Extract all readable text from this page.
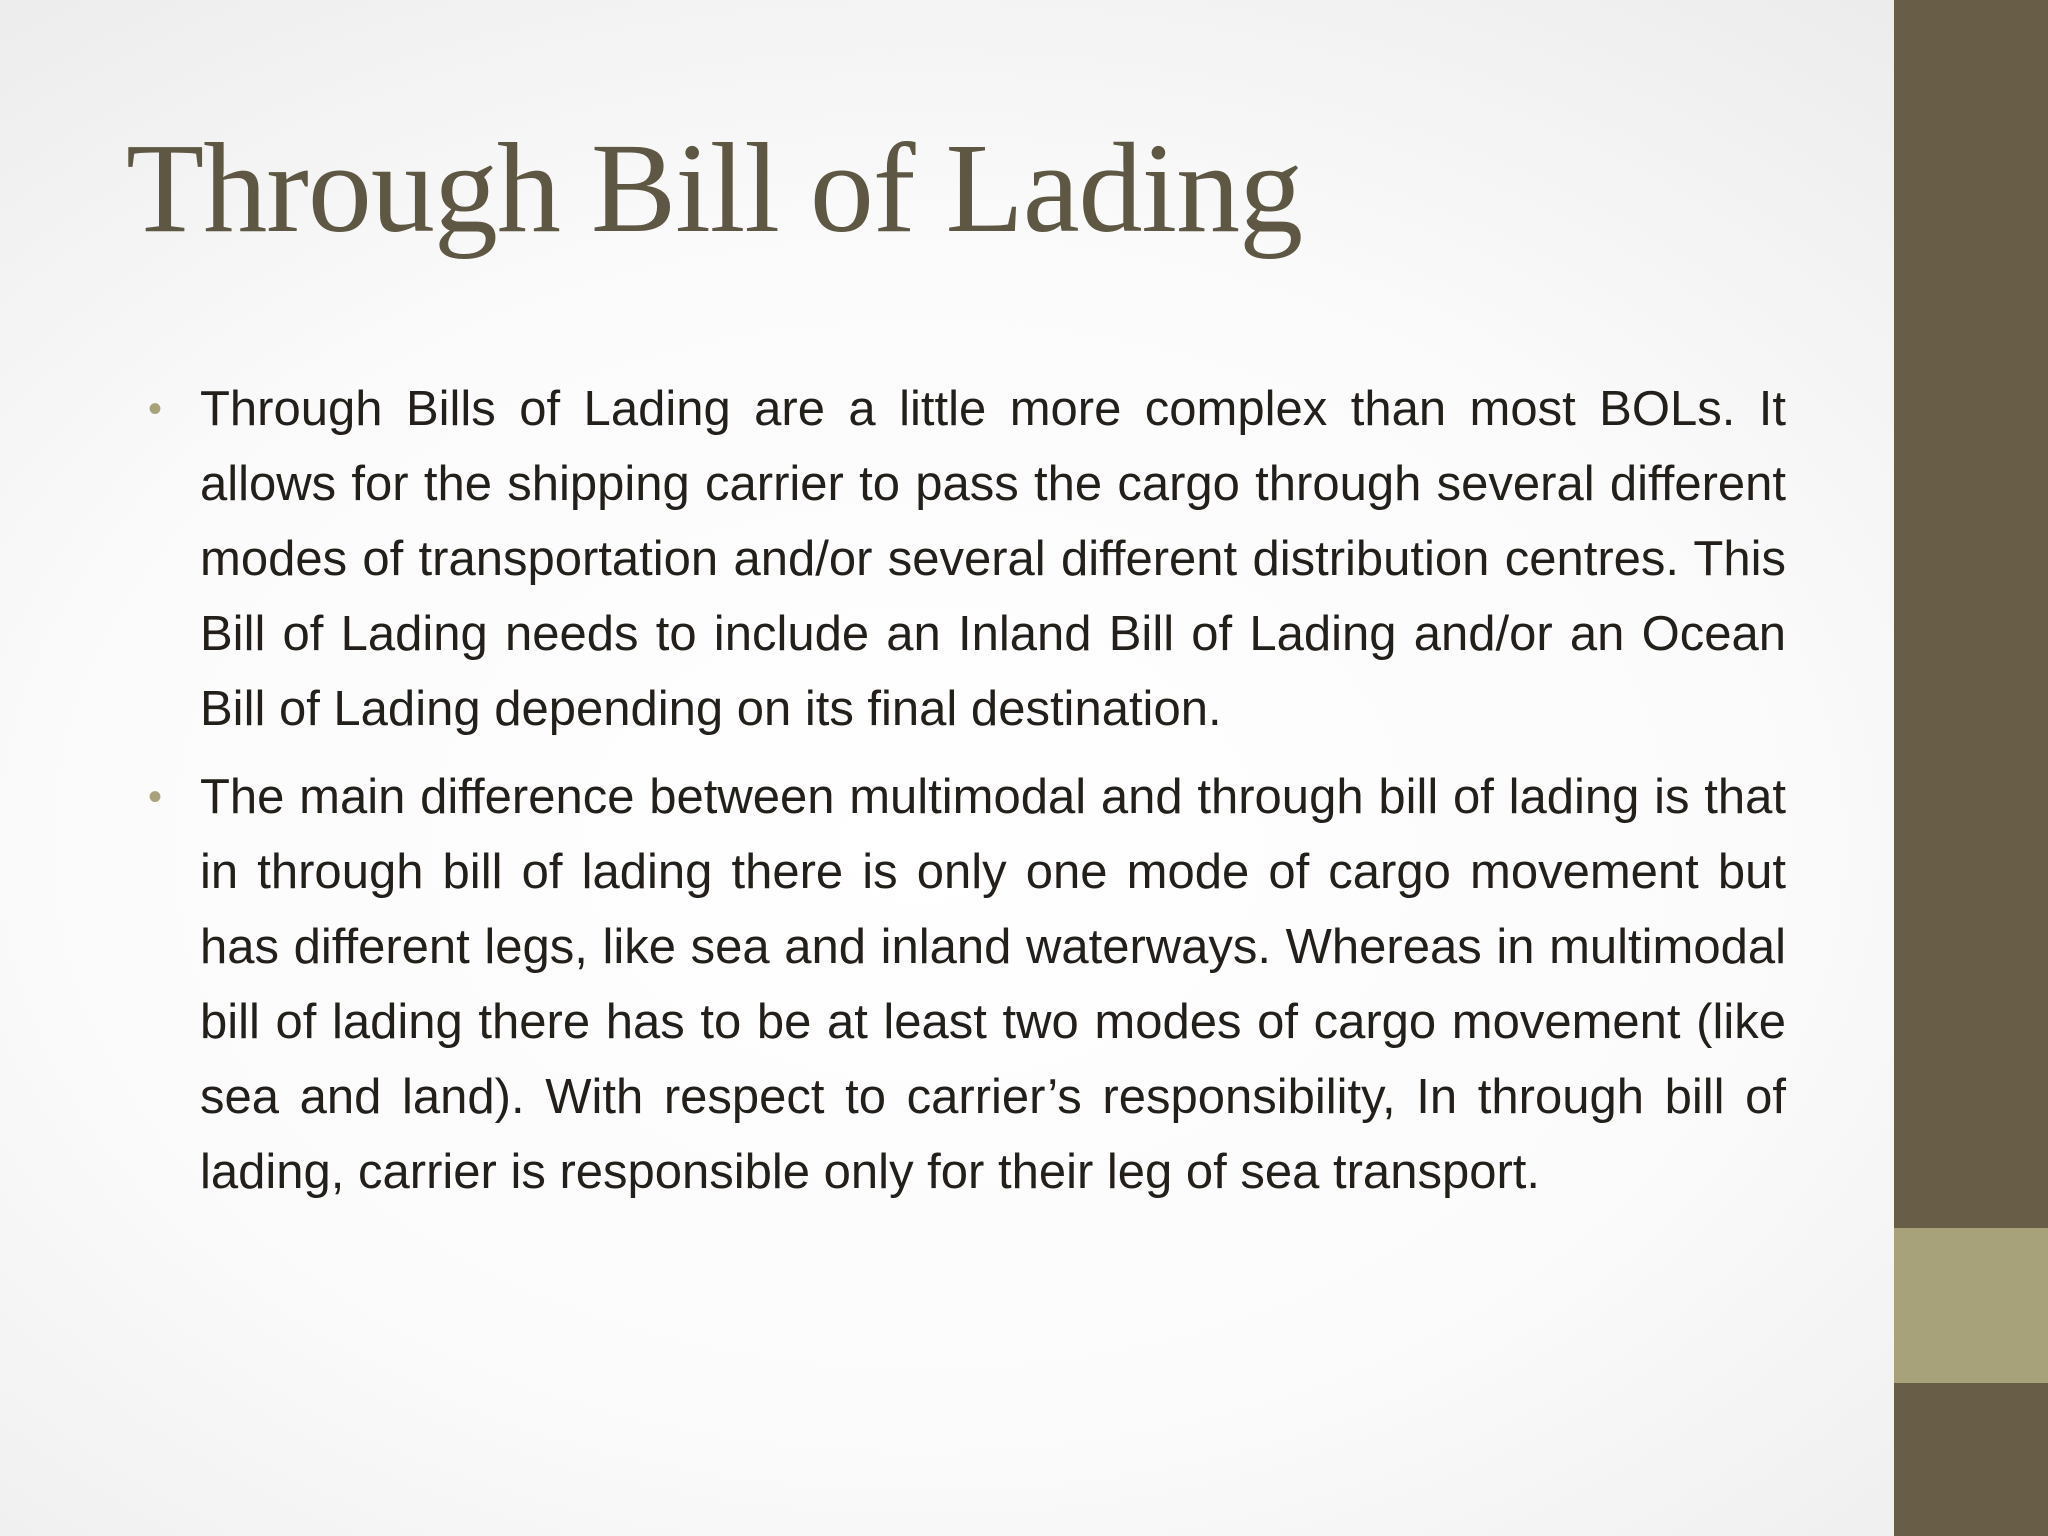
Through Bill of Lading
• Through Bills of Lading are a little more complex than most BOLs. It allows for the shipping carrier to pass the cargo through several different modes of transportation and/or several different distribution centres. This Bill of Lading needs to include an Inland Bill of Lading and/or an Ocean Bill of Lading depending on its final destination.
• The main difference between multimodal and through bill of lading is that in through bill of lading there is only one mode of cargo movement but has different legs, like sea and inland waterways. Whereas in multimodal bill of lading there has to be at least two modes of cargo movement (like sea and land). With respect to carrier’s responsibility, In through bill of lading, carrier is responsible only for their leg of sea transport.
